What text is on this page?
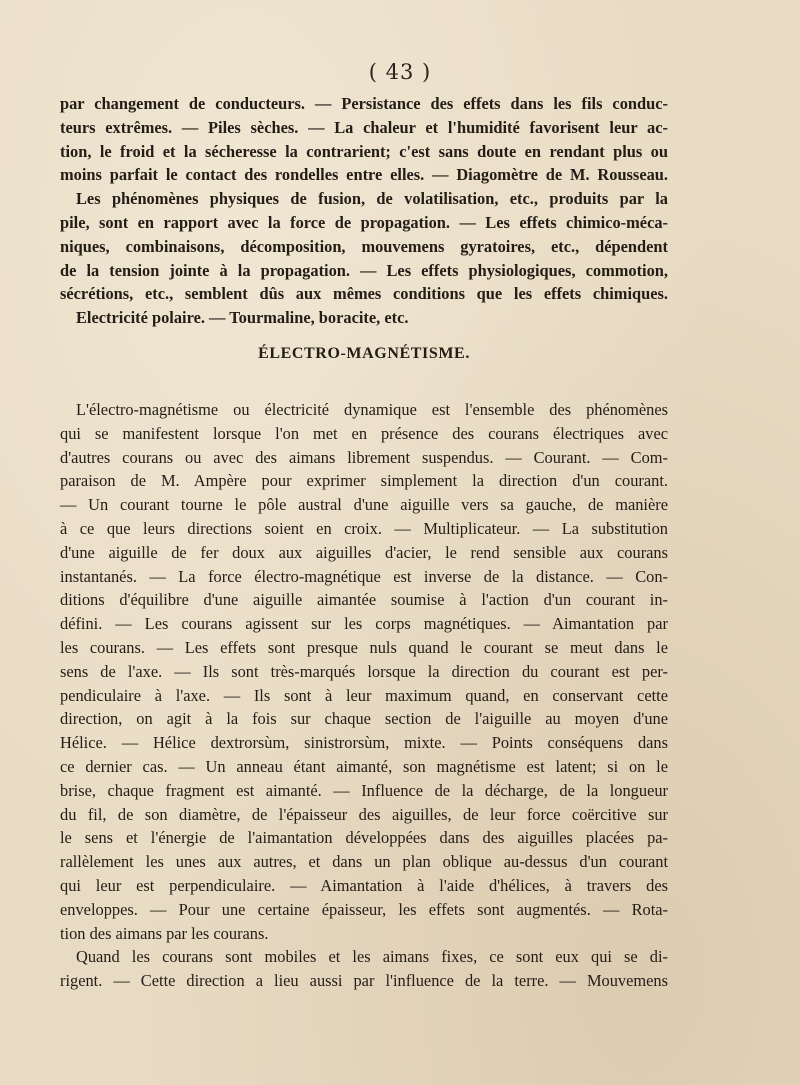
( 43 )
par changement de conducteurs. — Persistance des effets dans les fils conduc-
teurs extrêmes. — Piles sèches. — La chaleur et l'humidité favorisent leur ac-
tion, le froid et la sécheresse la contrarient; c'est sans doute en rendant plus ou
moins parfait le contact des rondelles entre elles. — Diagomètre de M. Rousseau.
Les phénomènes physiques de fusion, de volatilisation, etc., produits par la
pile, sont en rapport avec la force de propagation. — Les effets chimico-méca-
niques, combinaisons, décomposition, mouvemens gyratoires, etc., dépendent
de la tension jointe à la propagation. — Les effets physiologiques, commotion,
sécrétions, etc., semblent dûs aux mêmes conditions que les effets chimiques.
Electricité polaire. — Tourmaline, boracite, etc.
ÉLECTRO-MAGNÉTISME.
L'électro-magnétisme ou électricité dynamique est l'ensemble des phénomènes
qui se manifestent lorsque l'on met en présence des courans électriques avec
d'autres courans ou avec des aimans librement suspendus. — Courant. — Com-
paraison de M. Ampère pour exprimer simplement la direction d'un courant.
— Un courant tourne le pôle austral d'une aiguille vers sa gauche, de manière
à ce que leurs directions soient en croix. — Multiplicateur. — La substitution
d'une aiguille de fer doux aux aiguilles d'acier, le rend sensible aux courans
instantanés. — La force électro-magnétique est inverse de la distance. — Con-
ditions d'équilibre d'une aiguille aimantée soumise à l'action d'un courant in-
défini. — Les courans agissent sur les corps magnétiques. — Aimantation par
les courans. — Les effets sont presque nuls quand le courant se meut dans le
sens de l'axe. — Ils sont très-marqués lorsque la direction du courant est per-
pendiculaire à l'axe. — Ils sont à leur maximum quand, en conservant cette
direction, on agit à la fois sur chaque section de l'aiguille au moyen d'une
Hélice. — Hélice dextrorsùm, sinistrorsùm, mixte. — Points conséquens dans
ce dernier cas. — Un anneau étant aimanté, son magnétisme est latent; si on le
brise, chaque fragment est aimanté. — Influence de la décharge, de la longueur
du fil, de son diamètre, de l'épaisseur des aiguilles, de leur force coërcitive sur
le sens et l'énergie de l'aimantation développées dans des aiguilles placées pa-
rallèlement les unes aux autres, et dans un plan oblique au-dessus d'un courant
qui leur est perpendiculaire. — Aimantation à l'aide d'hélices, à travers des
enveloppes. — Pour une certaine épaisseur, les effets sont augmentés. — Rota-
tion des aimans par les courans.
Quand les courans sont mobiles et les aimans fixes, ce sont eux qui se di-
rigent. — Cette direction a lieu aussi par l'influence de la terre. — Mouvemens
